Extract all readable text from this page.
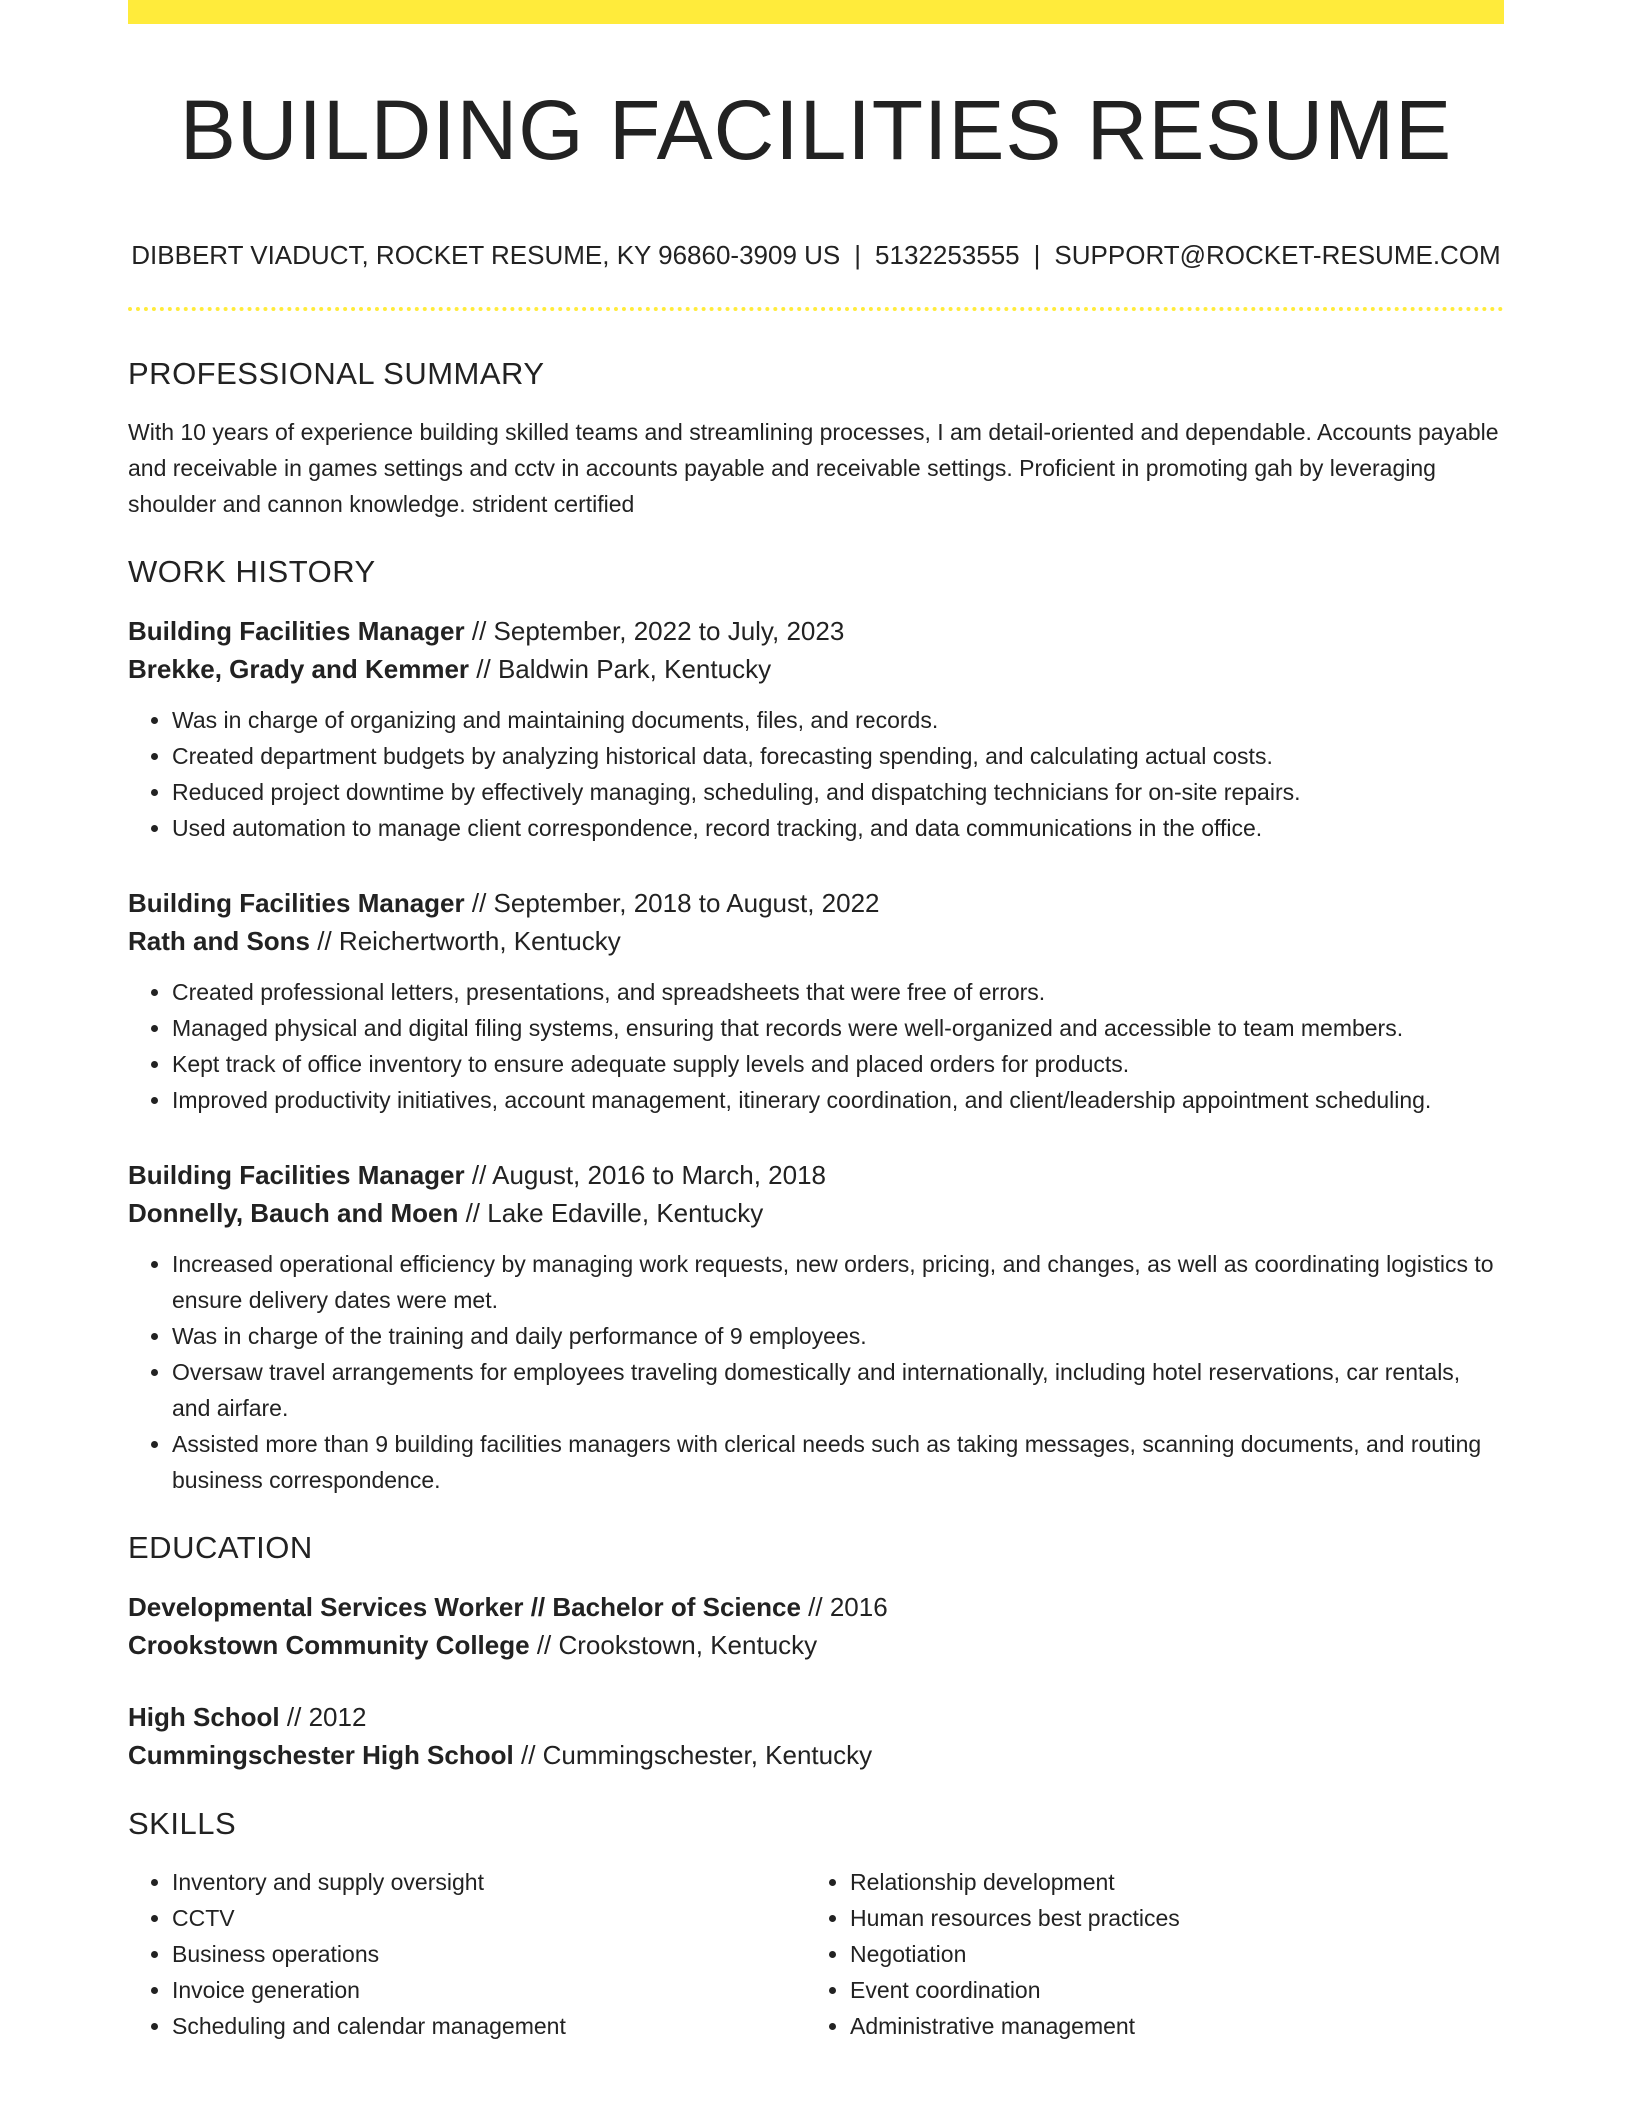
BUILDING FACILITIES RESUME
DIBBERT VIADUCT, ROCKET RESUME, KY 96860-3909 US | 5132253555 | SUPPORT@ROCKET-RESUME.COM
PROFESSIONAL SUMMARY

With 10 years of experience building skilled teams and streamlining processes, I am detail-oriented and dependable. Accounts payable and receivable in games settings and cctv in accounts payable and receivable settings. Proficient in promoting gah by leveraging shoulder and cannon knowledge. strident certified

WORK HISTORY
Building Facilities Manager // September, 2022 to July, 2023
Brekke, Grady and Kemmer // Baldwin Park, Kentucky
• Was in charge of organizing and maintaining documents, files, and records.
• Created department budgets by analyzing historical data, forecasting spending, and calculating actual costs.
• Reduced project downtime by effectively managing, scheduling, and dispatching technicians for on-site repairs.
• Used automation to manage client correspondence, record tracking, and data communications in the office.
Building Facilities Manager // September, 2018 to August, 2022
Rath and Sons // Reichertworth, Kentucky
• Created professional letters, presentations, and spreadsheets that were free of errors.
• Managed physical and digital filing systems, ensuring that records were well-organized and accessible to team members.
• Kept track of office inventory to ensure adequate supply levels and placed orders for products.
• Improved productivity initiatives, account management, itinerary coordination, and client/leadership appointment scheduling.
Building Facilities Manager // August, 2016 to March, 2018
Donnelly, Bauch and Moen // Lake Edaville, Kentucky
• Increased operational efficiency by managing work requests, new orders, pricing, and changes, as well as coordinating logistics to ensure delivery dates were met.
• Was in charge of the training and daily performance of 9 employees.
• Oversaw travel arrangements for employees traveling domestically and internationally, including hotel reservations, car rentals, and airfare.
• Assisted more than 9 building facilities managers with clerical needs such as taking messages, scanning documents, and routing business correspondence.
EDUCATION
Developmental Services Worker // Bachelor of Science // 2016
Crookstown Community College // Crookstown, Kentucky
High School // 2012
Cummingschester High School // Cummingschester, Kentucky
SKILLS
• Inventory and supply oversight
• CCTV
• Business operations
• Invoice generation
• Scheduling and calendar management
• Relationship development
• Human resources best practices
• Negotiation
• Event coordination
• Administrative management
